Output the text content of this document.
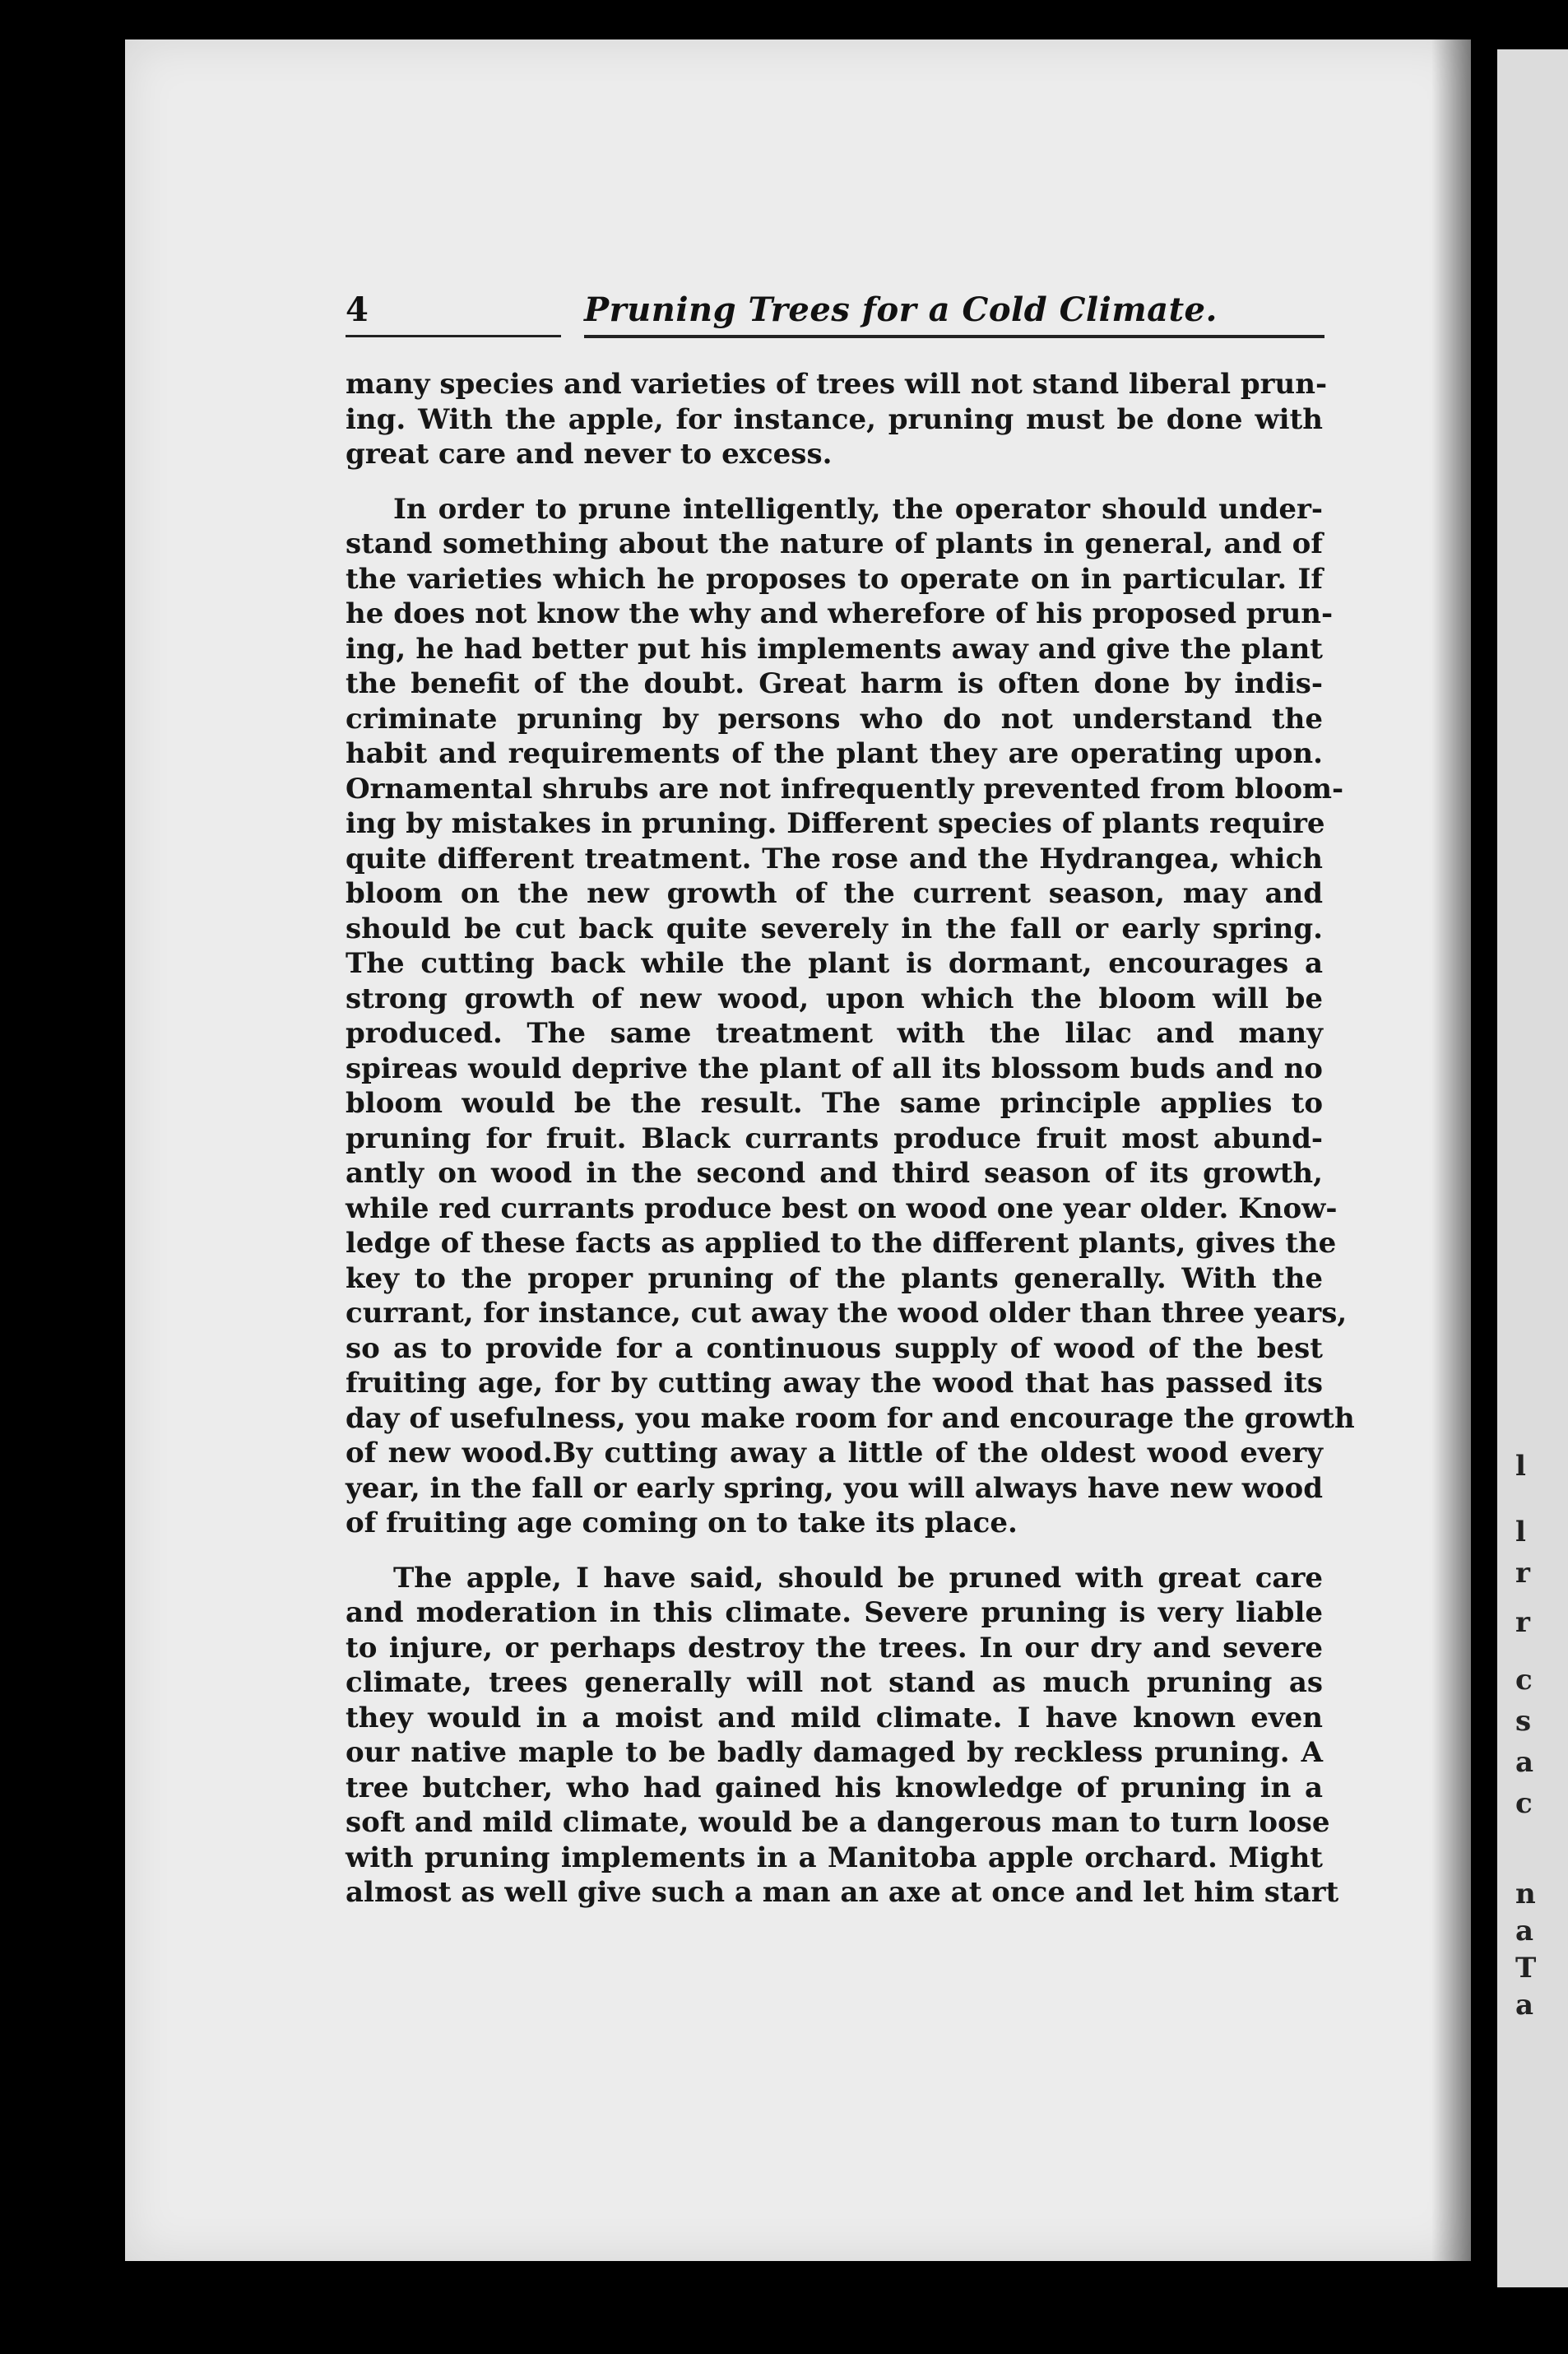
l
l
r
r
c
s
a
c
n
a
T
a
4	Pruning Trees for a Cold Climate.
many species and varieties of trees will not stand liberal prun-
ing. With the apple, for instance, pruning must be done with
great care and never to excess.
In order to prune intelligently, the operator should under-
stand something about the nature of plants in general, and of
the varieties which he proposes to operate on in particular. If
he does not know the why and wherefore of his proposed prun-
ing, he had better put his implements away and give the plant
the benefit of the doubt. Great harm is often done by indis-
criminate pruning by persons who do not understand the
habit and requirements of the plant they are operating upon.
Ornamental shrubs are not infrequently prevented from bloom-
ing by mistakes in pruning. Different species of plants require
quite different treatment. The rose and the Hydrangea, which
bloom on the new growth of the current season, may and
should be cut back quite severely in the fall or early spring.
The cutting back while the plant is dormant, encourages a
strong growth of new wood, upon which the bloom will be
produced. The same treatment with the lilac and many
spireas would deprive the plant of all its blossom buds and no
bloom would be the result. The same principle applies to
pruning for fruit. Black currants produce fruit most abund-
antly on wood in the second and third season of its growth,
while red currants produce best on wood one year older. Know-
ledge of these facts as applied to the different plants, gives the
key to the proper pruning of the plants generally. With the
currant, for instance, cut away the wood older than three years,
so as to provide for a continuous supply of wood of the best
fruiting age, for by cutting away the wood that has passed its
day of usefulness, you make room for and encourage the growth
of new wood.By cutting away a little of the oldest wood every
year, in the fall or early spring, you will always have new wood
of fruiting age coming on to take its place.
The apple, I have said, should be pruned with great care
and moderation in this climate. Severe pruning is very liable
to injure, or perhaps destroy the trees. In our dry and severe
climate, trees generally will not stand as much pruning as
they would in a moist and mild climate. I have known even
our native maple to be badly damaged by reckless pruning. A
tree butcher, who had gained his knowledge of pruning in a
soft and mild climate, would be a dangerous man to turn loose
with pruning implements in a Manitoba apple orchard. Might
almost as well give such a man an axe at once and let him start
